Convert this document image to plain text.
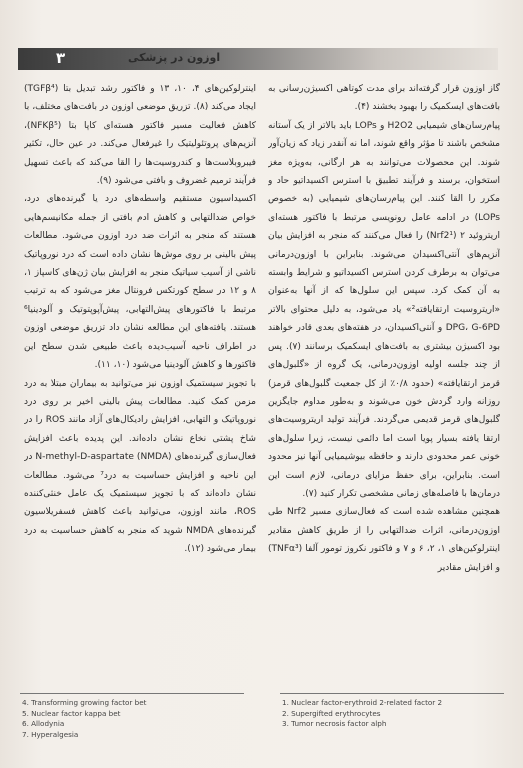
۳	اوزون در پزشکی

گاز اوزون قرار گرفته‌اند برای مدت کوتاهی اکسیژن‌رسانی به بافت‌های ایسکمیک را بهبود بخشند (۴).

پیام‌رسان‌های شیمیایی H2O2 و LOPs باید بالاتر از یک آستانه مشخص باشند تا مؤثر واقع شوند، اما نه آنقدر زیاد که زیان‌آور شوند. این محصولات می‌توانند به هر ارگانی، به‌ویژه مغز استخوان، برسند و فرآیند تطبیق با استرس اکسیداتیو حاد و مکرر را القا کنند. این پیام‌رسان‌های شیمیایی (به خصوص LOPs) در ادامه عامل رونویسی مرتبط با فاکتور هسته‌ای اریتروئید ۲ (Nrf2¹) را فعال می‌کنند که منجر به افزایش بیان آنزیم‌های آنتی‌اکسیدان می‌شوند. بنابراین با اوزون‌درمانی می‌توان به برطرف کردن استرس اکسیداتیو و شرایط وابسته به آن کمک کرد. سپس این سلول‌ها که از آنها به‌عنوان «اریتروسیت ارتقایافته²» یاد می‌شود، به دلیل محتوای بالاتر DPG، G-6PD و آنتی‌اکسیدان، در هفته‌های بعدی قادر خواهند بود اکسیژن بیشتری به بافت‌های ایسکمیک برسانند (۷). پس از چند جلسه اولیه اوزون‌درمانی، یک گروه از «گلبول‌های قرمز ارتقایافته» (حدود ۰/۸٪ از کل جمعیت گلبول‌های قرمز) روزانه وارد گردش خون می‌شوند و به‌طور مداوم جایگزین گلبول‌های قرمز قدیمی می‌گردند. فرآیند تولید اریتروسیت‌های ارتقا یافته بسیار پویا است اما دائمی نیست، زیرا سلول‌های خونی عمر محدودی دارند و حافظه بیوشیمیایی آنها نیز محدود است. بنابراین، برای حفظ مزایای درمانی، لازم است این درمان‌ها با فاصله‌های زمانی مشخصی تکرار کنید (۷).

همچنین مشاهده شده است که فعال‌سازی مسیر Nrf2 طی اوزون‌درمانی، اثرات ضدالتهابی را از طریق کاهش مقادیر اینترلوکین‌های ۱، ۲، ۶ و ۷ و فاکتور نکروز تومور آلفا (TNFα³) و افزایش مقادیر

اینترلوکین‌های ۴، ۱۰، ۱۳ و فاکتور رشد تبدیل بتا (TGFβ⁴) ایجاد می‌کند (۸). تزریق موضعی اوزون در بافت‌های مختلف، با کاهش فعالیت مسیر فاکتور هسته‌ای کاپا بتا (NFKβ⁵)، آنزیم‌های پروتئولیتیک را غیرفعال می‌کند. در عین حال، تکثیر فیبروبلاست‌ها و کندروسیت‌ها را القا می‌کند که باعث تسهیل فرآیند ترمیم غضروف و بافتی می‌شود (۹).

اکسیداسیون مستقیم واسطه‌های درد یا گیرنده‌های درد، خواص ضدالتهابی و کاهش ادم بافتی از جمله مکانیسم‌هایی هستند که منجر به اثرات ضد درد اوزون می‌شود. مطالعات پیش بالینی بر روی موش‌ها نشان داده است که درد نوروپاتیک ناشی از آسیب سیاتیک منجر به افزایش بیان ژن‌های کاسپاز ۱، ۸ و ۱۲ در سطح کورتکس فرونتال مغز می‌شود که به ترتیب مرتبط با فاکتورهای پیش‌التهابی، پیش‌آپوپتوتیک و آلودینیا⁶ هستند. یافته‌های این مطالعه نشان داد تزریق موضعی اوزون در اطراف ناحیه آسیب‌دیده باعث طبیعی شدن سطح این فاکتورها و کاهش آلودینیا می‌شود (۱۰، ۱۱).

با تجویز سیستمیک اوزون نیز می‌توانید به بیماران مبتلا به درد مزمن کمک کنید. مطالعات پیش بالینی اخیر بر روی درد نوروپاتیک و التهابی، افزایش رادیکال‌های آزاد مانند ROS را در شاخ پشتی نخاع نشان داده‌اند. این پدیده باعث افزایش فعال‌سازی گیرنده‌های N-methyl-D-aspartate (NMDA) در این ناحیه و افزایش حساسیت به درد⁷ می‌شود. مطالعات نشان داده‌اند که با تجویز سیستمیک یک عامل خنثی‌کننده ROS، مانند اوزون، می‌توانید باعث کاهش فسفریلاسیون گیرنده‌های NMDA شوید که منجر به کاهش حساسیت به درد بیمار می‌شود (۱۲).

1. Nuclear factor-erythroid 2-related factor 2
2. Supergifted erythrocytes
3. Tumor necrosis factor alph
4. Transforming growing factor bet
5. Nuclear factor kappa bet
6. Allodynia
7. Hyperalgesia
